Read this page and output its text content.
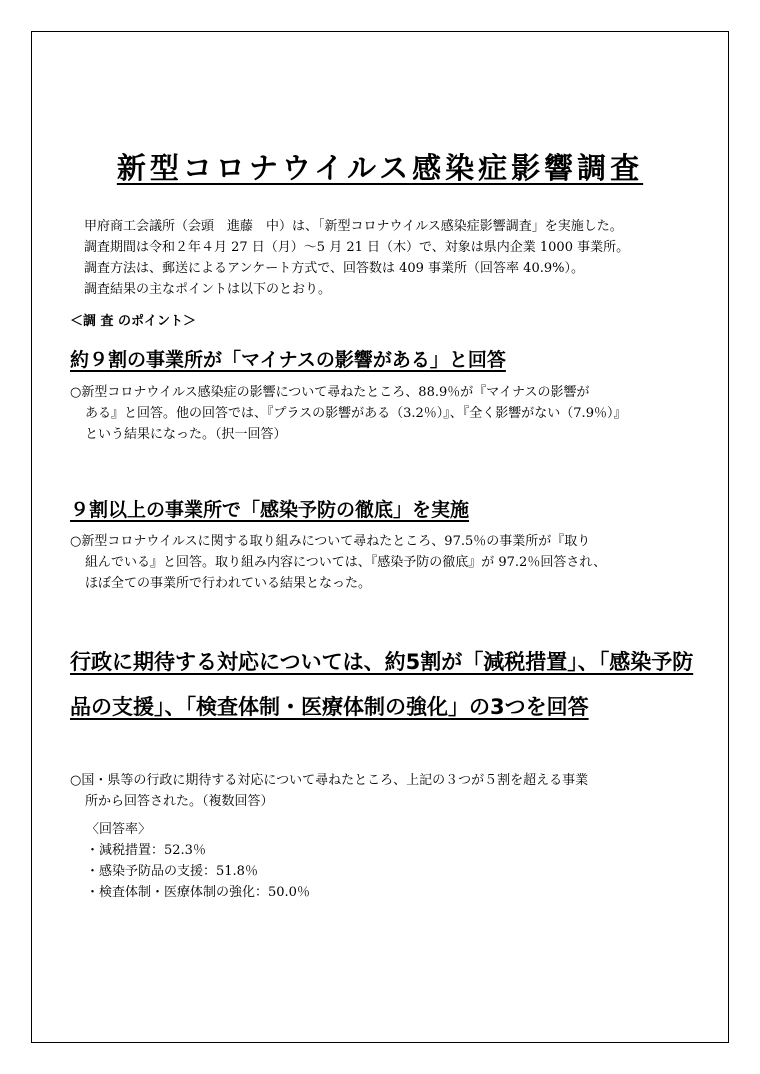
新型コロナウイルス感染症影響調査
甲府商工会議所（会頭　進藤　中）は、「新型コロナウイルス感染症影響調査」を実施した。
調査期間は令和２年４月 27 日（月）～5 月 21 日（木）で、対象は県内企業 1000 事業所。
調査方法は、郵送によるアンケート方式で、回答数は 409 事業所（回答率 40.9%）。
調査結果の主なポイントは以下のとおり。
＜調 査 のポイント＞
約９割の事業所が「マイナスの影響がある」と回答
○新型コロナウイルス感染症の影響について尋ねたところ、88.9％が『マイナスの影響が
ある』と回答。他の回答では、『プラスの影響がある（3.2％）』、『全く影響がない（7.9％）』
という結果になった。（択一回答）
９割以上の事業所で「感染予防の徹底」を実施
○新型コロナウイルスに関する取り組みについて尋ねたところ、97.5％の事業所が『取り
組んでいる』と回答。取り組み内容については、『感染予防の徹底』が 97.2％回答され、
ほぼ全ての事業所で行われている結果となった。
行政に期待する対応については、約5割が「減税措置」、「感染予防品の支援」、「検査体制・医療体制の強化」の3つを回答
○国・県等の行政に期待する対応について尋ねたところ、上記の３つが５割を超える事業
所から回答された。（複数回答）
〈回答率〉
・減税措置：52.3％
・感染予防品の支援：51.8％
・検査体制・医療体制の強化：50.0％
